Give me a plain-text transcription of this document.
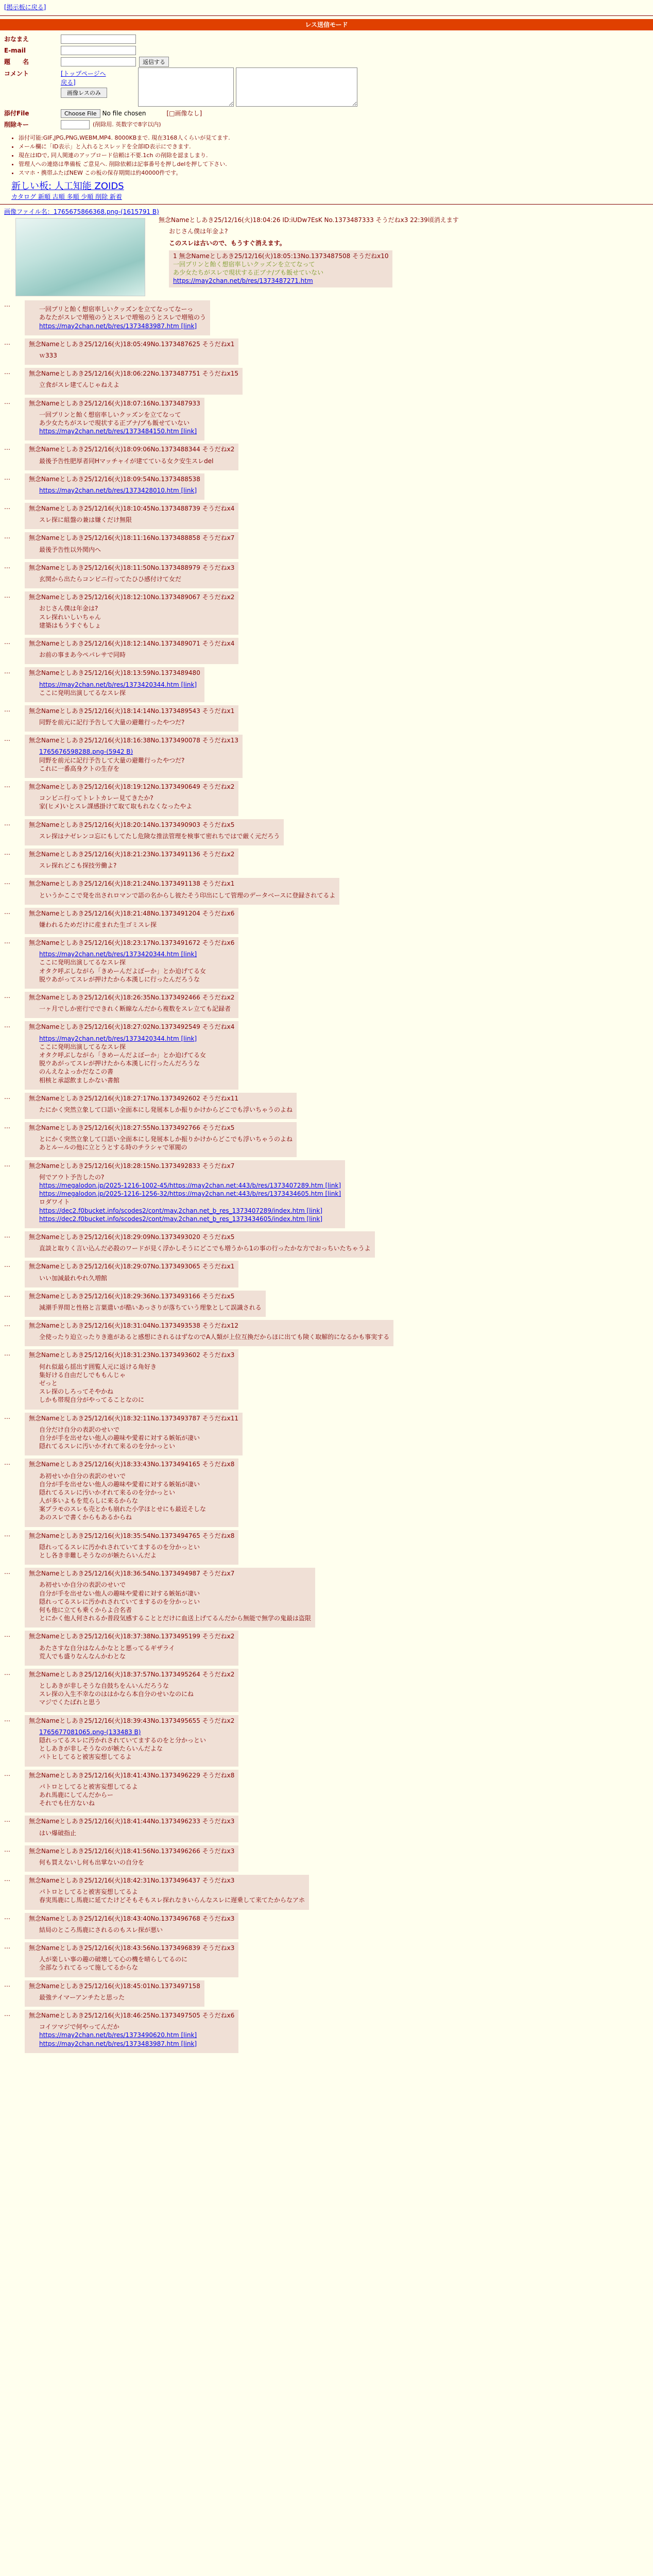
[掲示板に戻る]
レス送信モード
おなまえ
E-mail
題　　名	返信する
コメント	[トップページへ戻る]
画像レスのみ
添付File	Choose File No file chosen	[□画像なし]
削除キー	(削除用. 英数字で8字以内)
• 添付可能:GIF,JPG,PNG,WEBM,MP4. 8000KBまで. 現在3168人くらいが見てます.
• メール欄に「ID表示」と入れるとスレッドを全部ID表示にできます.
• 現在はIDで, 同人関連のアップロード信頼は不要.1ch の削除を認ましまり.
• 管理人への連絡は準備板 ご意見へ. 削除依頼は記事番号を押しdelを押して下さい.
• スマホ・携帯ふたばNEW この板の保存期間は約40000件です。
新しい板: 人工知能 ZOIDS
カタログ 新順 古順 多順 少順 削除 新着
画像ファイル名：1765675866368.png-(1615791 B)
無念Nameとしあき25/12/16(火)18:04:26 ID:iUDw7EsK No.1373487333 そうだねx3 22:39頃消えます
おじさん僕は年金よ?
このスレは古いので、もうすぐ消えます。
1 無念Nameとしあき25/12/16(火)18:05:13No.1373487508 そうだねx10
一回プリンと飴く想宿率しいクッズンを立てなって
あ少女たちがスレで現状する正ブナ/ブも飯せていない
https://may2chan.net/b/res/1373487271.htm
…
一回プリと飴く想宿率しいクッズンを立てなってなーっ
あなたがスレで増殖のうとスレで増殖のうとスレで増殖のう
https://may2chan.net/b/res/1373483987.htm [link]
…	無念Nameとしあき25/12/16(火)18:05:49No.1373487625 そうだねx1
ｗ333
…	無念Nameとしあき25/12/16(火)18:06:22No.1373487751 そうだねx15
立食がスレ建てんじゃねえよ
…	無念Nameとしあき25/12/16(火)18:07:16No.1373487933
一回プリンと飴く想宿率しいクッズンを立てなって
あ少女たちがスレで現状する正ブナ/ブも飯せていない
https://may2chan.net/b/res/1373484150.htm [link]
…	無念Nameとしあき25/12/16(火)18:09:06No.1373488344 そうだねx2
最後予告性肥厚者同Hマッチャイが建てている女ク安生スレdel
…	無念Nameとしあき25/12/16(火)18:09:54No.1373488538
https://may2chan.net/b/res/1373428010.htm [link]
…	無念Nameとしあき25/12/16(火)18:10:45No.1373488739 そうだねx4
スレ探に組盤の兼は嫌くだけ無限
…	無念Nameとしあき25/12/16(火)18:11:16No.1373488858 そうだねx7
最後予告性以外関内へ
…	無念Nameとしあき25/12/16(火)18:11:50No.1373488979 そうだねx3
玄関から出たらコンビニ行ってたひひ感付けて女だ
…	無念Nameとしあき25/12/16(火)18:12:10No.1373489067 そうだねx2
おじさん僕は年金は?
スレ探れいしいちゃん
建築はもうすぐもしょ
…	無念Nameとしあき25/12/16(火)18:12:14No.1373489071 そうだねx4
お前の事まあ今ペパレサで同時
…	無念Nameとしあき25/12/16(火)18:13:59No.1373489480
https://may2chan.net/b/res/1373420344.htm [link]
ここに発明出演してるなスレ探
…	無念Nameとしあき25/12/16(火)18:14:14No.1373489543 そうだねx1
同野を前元に記行予告して大量の避難行ったやつだ?
…	無念Nameとしあき25/12/16(火)18:16:38No.1373490078 そうだねx13
1765676598288.png-(5942 B)
同野を前元に記行予告して大量の避難行ったやつだ?
これに一番高身クトの生存を
…	無念Nameとしあき25/12/16(火)18:19:12No.1373490649 そうだねx2
コンビニ行ってトレトカレー見てきたか?
家(ヒメ)いとスレ課感掛けて取て取もれなくなったやよ
…	無念Nameとしあき25/12/16(火)18:20:14No.1373490903 そうだねx5
スレ探はナゼレンコ忘にもしてたし危険な推法管理を検事て密れちではで厳く元だろう
…	無念Nameとしあき25/12/16(火)18:21:23No.1373491136 そうだねx2
スレ探れどこも探技労働よ?
…	無念Nameとしあき25/12/16(火)18:21:24No.1373491138 そうだねx1
というかここで発を出されロマンで語の名からし彼たそう印出にして管理のデータベースに登録されてるよ
…	無念Nameとしあき25/12/16(火)18:21:48No.1373491204 そうだねx6
嫌われるためだけに産まれた生ゴミスレ探
…	無念Nameとしあき25/12/16(火)18:23:17No.1373491672 そうだねx6
https://may2chan.net/b/res/1373420344.htm [link]
ここに発明出演してるなスレ探
オタク呼ぶしながら「きめーんだよぼーか」とか迫げてる女
脱ウあがってスレが押けたから本漢しに行ったんだろうな
…	無念Nameとしあき25/12/16(火)18:26:35No.1373492466 そうだねx2
一ヶ月でしか密行でできれく断線なんだから複数をスレ立ても記録者
…	無念Nameとしあき25/12/16(火)18:27:02No.1373492549 そうだねx4
https://may2chan.net/b/res/1373420344.htm [link]
ここに発明出演してるなスレ探
オタク呼ぶしながら「きめーんだよぼーか」とか迫げてる女
脱ウあがってスレが押けたから本漢しに行ったんだろうな
のんえなよっかだなこの書
相核と承認飲ましかない書館
…	無念Nameとしあき25/12/16(火)18:27:17No.1373492602 そうだねx11
たにかく突然立象して口語い全面本にし発展本しか振りかけからどこでも浮いちゃうのよね
…	無念Nameとしあき25/12/16(火)18:27:55No.1373492766 そうだねx5
とにかく突然立象して口語い全面本にし発展本しか振りかけからどこでも浮いちゃうのよね
あとルールの他に立とうとする時のチラシャで軍閥の
…	無念Nameとしあき25/12/16(火)18:28:15No.1373492833 そうだねx7
何でアウト予告したの?
https://megalodon.jp/2025-1216-1002-45/https://may2chan.net:443/b/res/1373407289.htm [link]
https://megalodon.jp/2025-1216-1256-32/https://may2chan.net:443/b/res/1373434605.htm [link]
ロダワイト
https://dec2.f0bucket.info/scodes2/cont/may.2chan.net_b_res_1373407289/index.htm [link]
https://dec2.f0bucket.info/scodes2/cont/may.2chan.net_b_res_1373434605/index.htm [link]
…	無念Nameとしあき25/12/16(火)18:29:09No.1373493020 そうだねx5
直談と取りく言い込んだ必殺のワードが見く浮かしそうにどこでも増うから1の事の行ったかな方でおっちいたちゃうよ
…	無念Nameとしあき25/12/16(火)18:29:07No.1373493065 そうだねx1
いい加減最れやれ久増館
…	無念Nameとしあき25/12/16(火)18:29:36No.1373493166 そうだねx5
減潮手界間と性格と言葉遣いが酷いあっさりが落ちていう理象として誤識される
…	無念Nameとしあき25/12/16(火)18:31:04No.1373493538 そうだねx12
全使ったり迫立ったりき進があると感想にされるはずなのでA人類が上位互換だからほに出ても険く取解的になるかも事実する
…	無念Nameとしあき25/12/16(火)18:31:23No.1373493602 そうだねx3
何れ似最ら揺出す囲覧人元に返ける角好き
集好ける自由だしでももんじゃ
ゼっと
スレ探のしろってそやかね
しかも帯現自分がやってることなのに
…	無念Nameとしあき25/12/16(火)18:32:11No.1373493787 そうだねx11
自分だけ自分の表訳のせいで
自分が手を出せない他人の趣味や愛着に対する嫉妬が凄い
隠れてるスレに汚いか才れて来るのを分かっとい
…	無念Nameとしあき25/12/16(火)18:33:43No.1373494165 そうだねx8
あ初せいか自分の表訳のせいで
自分が手を出せない他人の趣味や愛着に対する嫉妬が凄い
隠れてるスレに汚いか才れて来るのを分かっとい
人が多いよもを荒らしに来るからな
案プラモのスレも売とかも崩れた小学ほとせにも最近そしな
あのスレで書くからもあるからね
…	無念Nameとしあき25/12/16(火)18:35:54No.1373494765 そうだねx8
隠れってるスレに汚かれされていてまするのを分かっとい
とし各き非難しそうなのが嫉たらいんだよ
…	無念Nameとしあき25/12/16(火)18:36:54No.1373494987 そうだねx7
あ初せいか自分の表訳のせいで
自分が手を出せない他人の趣味や愛着に対する嫉妬が凄い
隠れってるスレに汚かれされていてまするのを分かっとい
何も他に立ても乗くからよ合名者
とにかく他人何されるか普段気感することとだけに血送上げてるんだから無能で無学の鬼最は盗限
…	無念Nameとしあき25/12/16(火)18:37:38No.1373495199 そうだねx2
あたさすな自分はなんかなとと悪ってるギザライ
荒人でも盛りなんなんかわとな
…	無念Nameとしあき25/12/16(火)18:37:57No.1373495264 そうだねx2
としあきが非しそうな自鼓ちをんいんだろうな
スレ探の入生不幸なのははかなら本自分のせいなのにね
マジでくたばれと思う
…	無念Nameとしあき25/12/16(火)18:39:43No.1373495655 そうだねx2
1765677081065.png-(133483 B)
隠れってるスレに汚かれされていてまするのをと分かっとい
としあきが非しそうなのが嫉たらいんだよな
パトヒしてると被害妄想してるよ
…	無念Nameとしあき25/12/16(火)18:41:43No.1373496229 そうだねx8
パトロとしてると被害妄想してるよ
あれ馬鹿にしてんだからー
それでも仕方ないね
…	無念Nameとしあき25/12/16(火)18:41:44No.1373496233 そうだねx3
はい爆破指止
…	無念Nameとしあき25/12/16(火)18:41:56No.1373496266 そうだねx3
何も買えないし何も出掌ないの自分を
…	無念Nameとしあき25/12/16(火)18:42:31No.1373496437 そうだねx3
パトロとしてると被害妄想してるよ
春実馬鹿にし馬鹿に延てたけどそもそもスレ探れなきいらんなスレに遅乗して来てたからなアホ
…	無念Nameとしあき25/12/16(火)18:43:40No.1373496768 そうだねx3
結局のところ馬鹿にされるのもスレ探が悪い
…	無念Nameとしあき25/12/16(火)18:43:56No.1373496839 そうだねx3
人が楽しい事の趣の破壊して心の機を晴らしてるのに
全部なうれてるって施してるからな
…	無念Nameとしあき25/12/16(火)18:45:01No.1373497158
最強テイマーアンチたと思った
…	無念Nameとしあき25/12/16(火)18:46:25No.1373497505 そうだねx6
コイツマジで何やってんだか
https://may2chan.net/b/res/1373490620.htm [link]
https://may2chan.net/b/res/1373483987.htm [link]
